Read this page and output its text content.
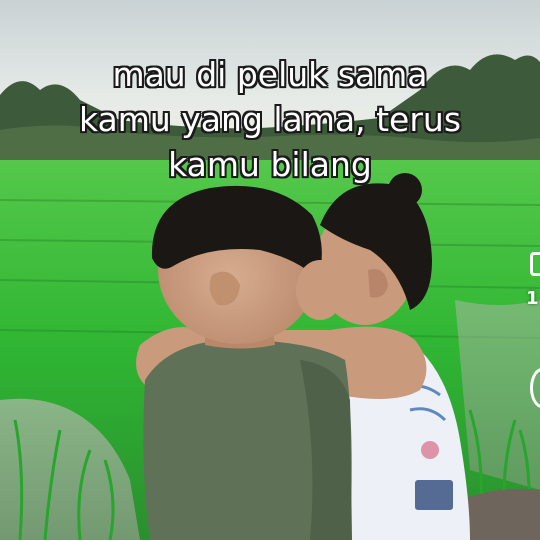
mau di peluk sama
kamu yang lama, terus
kamu bilang
1
